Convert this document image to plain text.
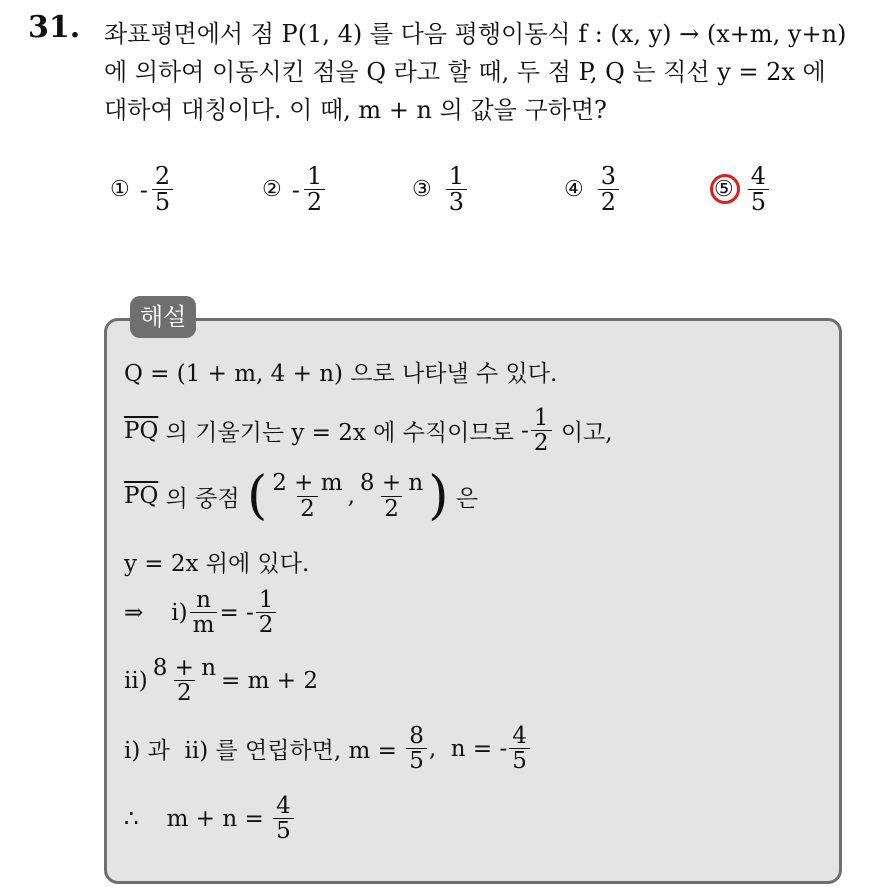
31. 좌표평면에서 점 P(1, 4) 를 다음 평행이동식 f : (x, y) → (x+m, y+n)
에 의하여 이동시킨 점을 Q 라고 할 때, 두 점 P, Q 는 직선 y = 2x 에
대하여 대칭이다. 이 때, m + n 의 값을 구하면?
① - $\frac{2}{5}$	② - $\frac{1}{2}$	③ $\frac{1}{3}$	④ $\frac{3}{2}$	⑤ $\frac{4}{5}$
해설
Q = (1 + m, 4 + n) 으로 나타낼 수 있다.
$\overline{PQ}$ 의 기울기는 y = 2x 에 수직이므로 - $\frac{1}{2}$ 이고,
$\overline{PQ}$ 의 중점 ( $\frac{2 + m}{2}$ , $\frac{8 + n}{2}$ ) 은
y = 2x 위에 있다.
⇒ $i) \frac{n}{m}$ = - $\frac{1}{2}$
$ii) \frac{8 + n}{2} = m + 2$
i) 과  ii) 를 연립하면, $m = \frac{8}{5}$ ,  n = - $\frac{4}{5}$
∴ $m + n = \frac{4}{5}$
